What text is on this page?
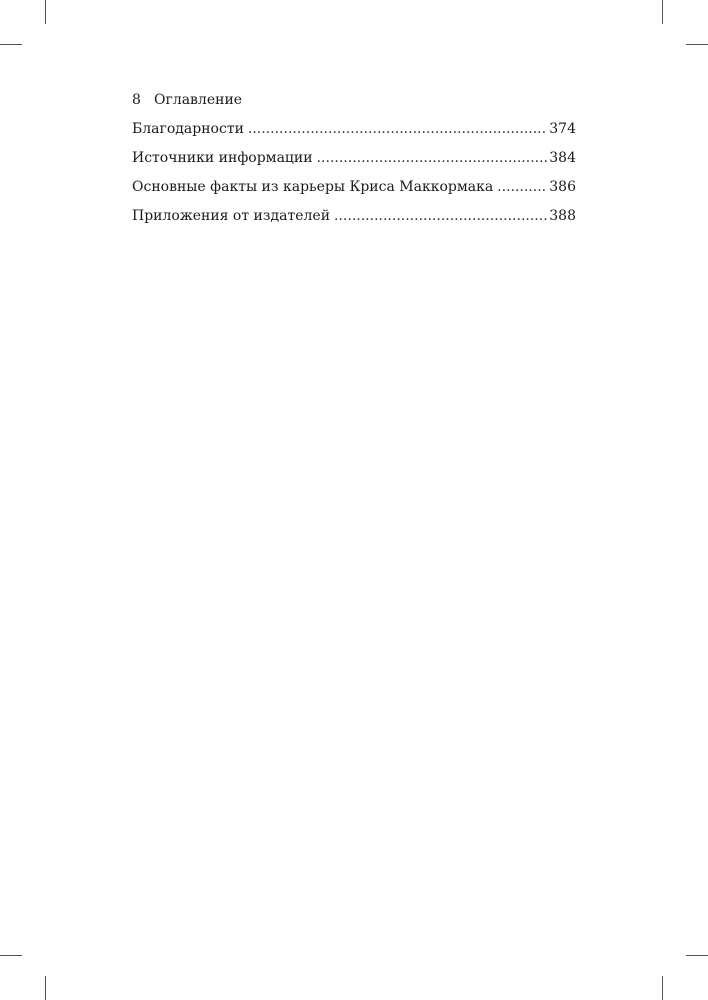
8 Оглавление
Благодарности .....	374
Источники информации .....	384
Основные факты из карьеры Криса Маккормака .....	386
Приложения от издателей .....	388
